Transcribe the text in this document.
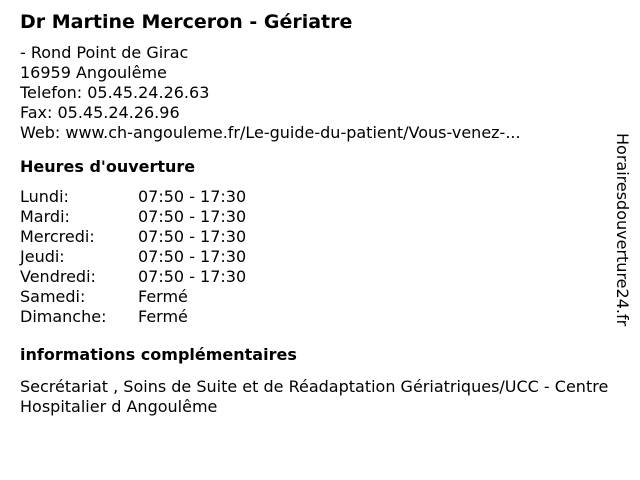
Dr Martine Merceron - Gériatre
- Rond Point de Girac
16959 Angoulême
Telefon: 05.45.24.26.63
Fax: 05.45.24.26.96
Web: www.ch-angouleme.fr/Le-guide-du-patient/Vous-venez-...
Heures d'ouverture
Lundi:	07:50 - 17:30
Mardi:	07:50 - 17:30
Mercredi:	07:50 - 17:30
Jeudi:	07:50 - 17:30
Vendredi:	07:50 - 17:30
Samedi:	Fermé
Dimanche:	Fermé
informations complémentaires
Secrétariat , Soins de Suite et de Réadaptation Gériatriques/UCC - Centre Hospitalier d Angoulême
Horairesdouverture24.fr
